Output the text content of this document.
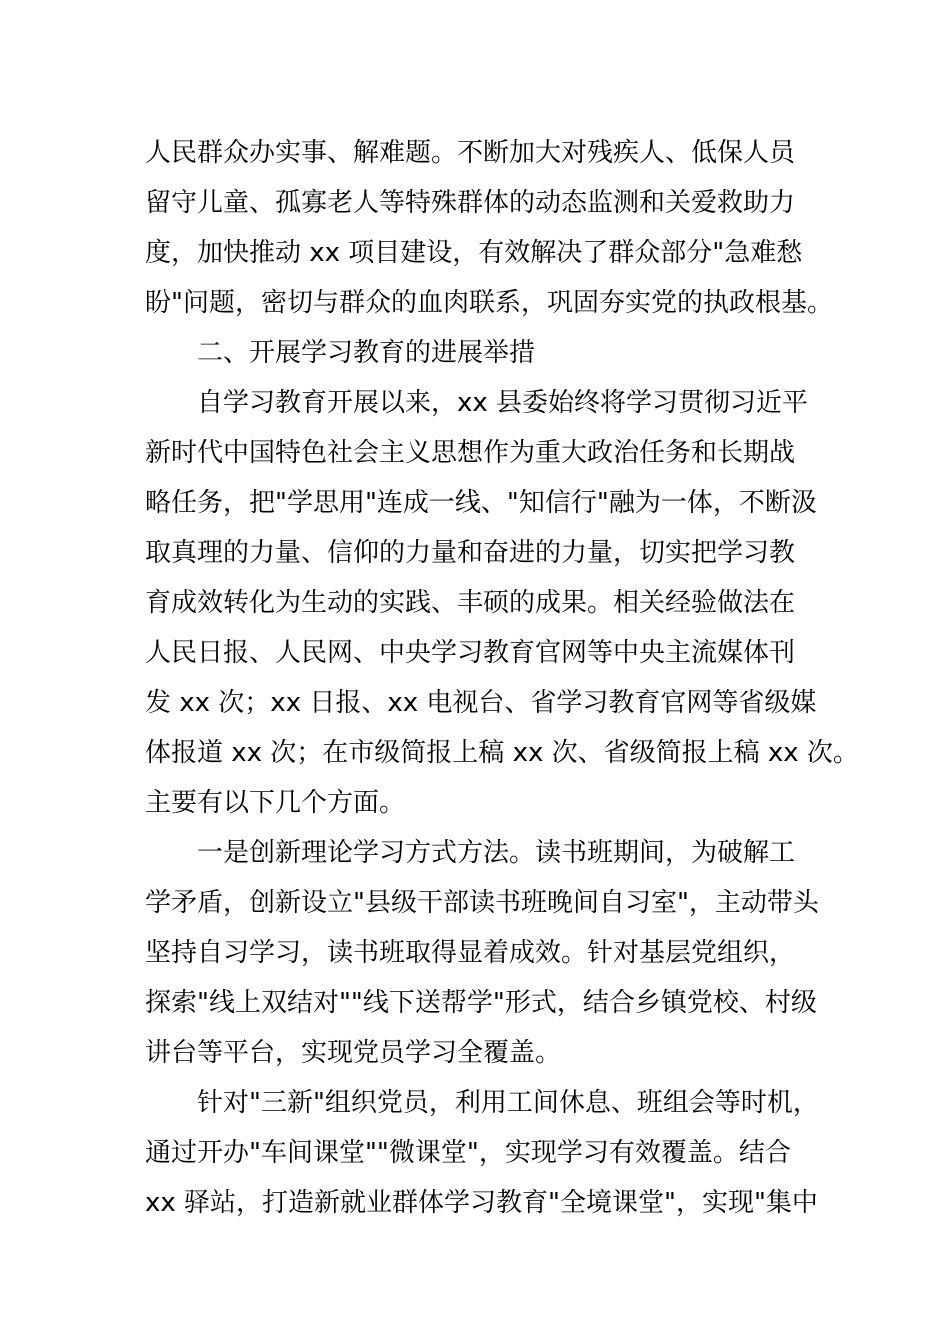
人民群众办实事、解难题。不断加大对残疾人、低保人员
留守儿童、孤寡老人等特殊群体的动态监测和关爱救助力
度，加快推动 xx 项目建设，有效解决了群众部分"急难愁
盼"问题，密切与群众的血肉联系，巩固夯实党的执政根基。
二、开展学习教育的进展举措
自学习教育开展以来，xx 县委始终将学习贯彻习近平
新时代中国特色社会主义思想作为重大政治任务和长期战
略任务，把"学思用"连成一线、"知信行"融为一体，不断汲
取真理的力量、信仰的力量和奋进的力量，切实把学习教
育成效转化为生动的实践、丰硕的成果。相关经验做法在
人民日报、人民网、中央学习教育官网等中央主流媒体刊
发 xx 次；xx 日报、xx 电视台、省学习教育官网等省级媒
体报道 xx 次；在市级简报上稿 xx 次、省级简报上稿 xx 次。
主要有以下几个方面。
一是创新理论学习方式方法。读书班期间，为破解工
学矛盾，创新设立"县级干部读书班晚间自习室"，主动带头
坚持自习学习，读书班取得显着成效。针对基层党组织，
探索"线上双结对""线下送帮学"形式，结合乡镇党校、村级
讲台等平台，实现党员学习全覆盖。
针对"三新"组织党员，利用工间休息、班组会等时机，
通过开办"车间课堂""微课堂"，实现学习有效覆盖。结合
xx 驿站，打造新就业群体学习教育"全境课堂"，实现"集中
